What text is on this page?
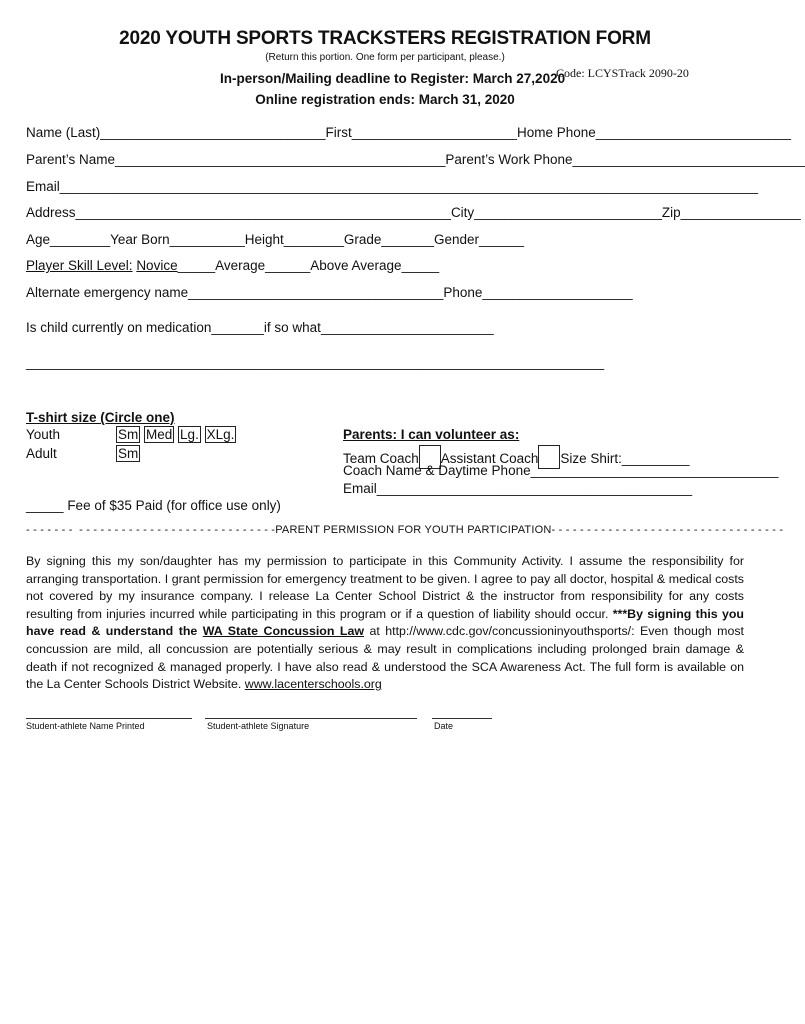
2020 YOUTH SPORTS TRACKSTERS REGISTRATION FORM
(Return this portion. One form per participant, please.)
In-person/Mailing deadline to Register: March 27,2020
Code: LCYSTrack 2090-20
Online registration ends: March 31, 2020
Name (Last)______________________________First______________________Home Phone__________________________
Parent’s Name____________________________________________Parent’s Work Phone_______________________________
Email_____________________________________________________________________________________________
Address__________________________________________________City_________________________Zip________________
Age________Year Born__________Height________Grade_______Gender______
Player Skill Level: Novice_____Average______Above Average_____
Alternate emergency name__________________________________Phone____________________
Is child currently on medication_______if so what_______________________
_____________________________________________________________________________
T-shirt size (Circle one)
Youth
Adult
Sm Med Lg. XLg.
Sm
Parents: I can volunteer as:
Team Coach Assistant Coach Size Shirt:_________
Coach Name & Daytime Phone_________________________________
Email__________________________________________
_____ Fee of $35 Paid (for office use only)
- - - - - - -  - - - - - - - - - - - - - - - - - - - - - - - - - - - -PARENT PERMISSION FOR YOUTH PARTICIPATION- - - - - - - - - - - - - - - - - - - - - - - - - - - - - - - - -
By signing this my son/daughter has my permission to participate in this Community Activity. I assume the responsibility for arranging transportation. I grant permission for emergency treatment to be given. I agree to pay all doctor, hospital & medical costs not covered by my insurance company. I release La Center School District & the instructor from responsibility for any costs resulting from injuries incurred while participating in this program or if a question of liability should occur. ***By signing this you have read & understand the WA State Concussion Law at http://www.cdc.gov/concussioninyouthsports/: Even though most concussion are mild, all concussion are potentially serious & may result in complications including prolonged brain damage & death if not recognized & managed properly. I have also read & understood the SCA Awareness Act. The full form is available on the La Center Schools District Website. www.lacenterschools.org
Student-athlete Name Printed	Student-athlete Signature	Date
